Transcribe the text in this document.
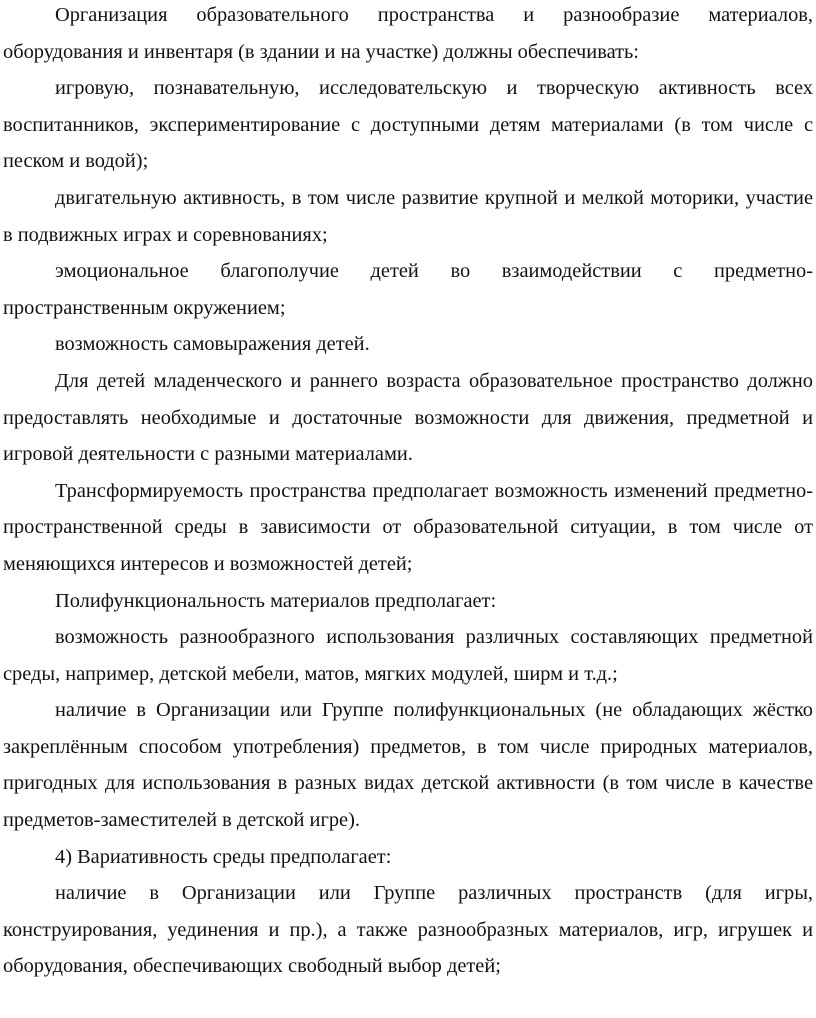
Организация образовательного пространства и разнообразие материалов, оборудования и инвентаря (в здании и на участке) должны обеспечивать:

игровую, познавательную, исследовательскую и творческую активность всех воспитанников, экспериментирование с доступными детям материалами (в том числе с песком и водой);

двигательную активность, в том числе развитие крупной и мелкой моторики, участие в подвижных играх и соревнованиях;

эмоциональное благополучие детей во взаимодействии с предметно-пространственным окружением;

возможность самовыражения детей.

Для детей младенческого и раннего возраста образовательное пространство должно предоставлять необходимые и достаточные возможности для движения, предметной и игровой деятельности с разными материалами.

Трансформируемость пространства предполагает возможность изменений предметно-пространственной среды в зависимости от образовательной ситуации, в том числе от меняющихся интересов и возможностей детей;

Полифункциональность материалов предполагает:

возможность разнообразного использования различных составляющих предметной среды, например, детской мебели, матов, мягких модулей, ширм и т.д.;

наличие в Организации или Группе полифункциональных (не обладающих жёстко закреплённым способом употребления) предметов, в том числе природных материалов, пригодных для использования в разных видах детской активности (в том числе в качестве предметов-заместителей в детской игре).

4) Вариативность среды предполагает:

наличие в Организации или Группе различных пространств (для игры, конструирования, уединения и пр.), а также разнообразных материалов, игр, игрушек и оборудования, обеспечивающих свободный выбор детей;
